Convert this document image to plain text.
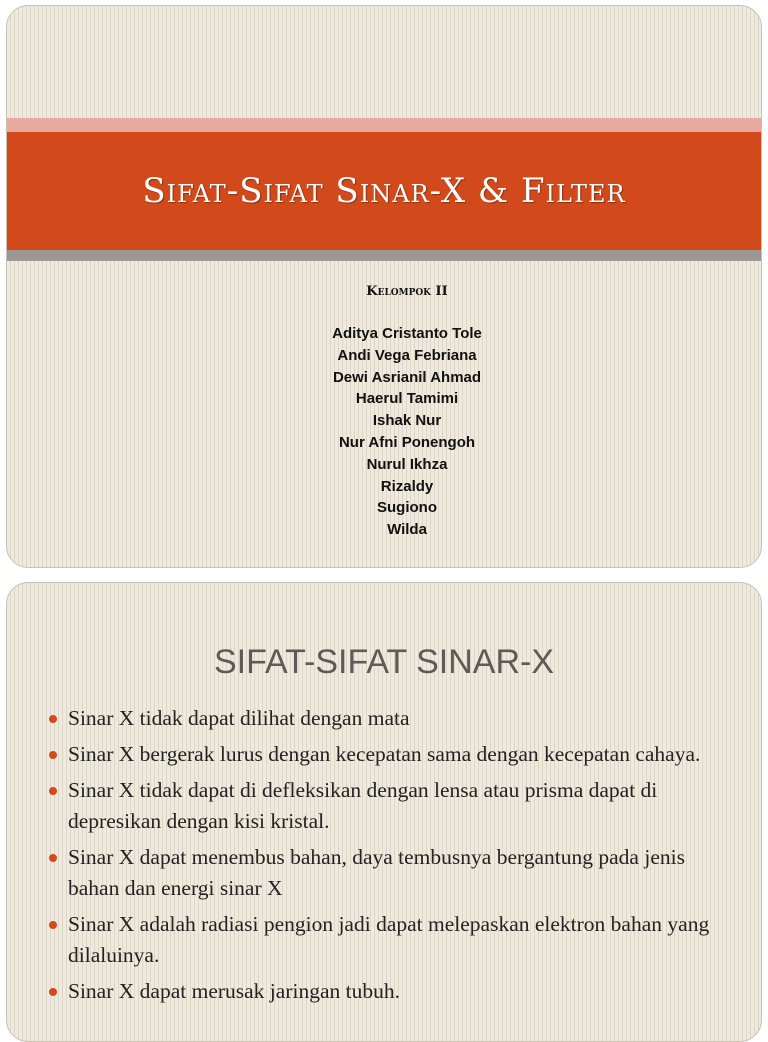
Sifat-Sifat Sinar-X & Filter
Kelompok II
Aditya Cristanto Tole
Andi Vega Febriana
Dewi Asrianil Ahmad
Haerul Tamimi
Ishak Nur
Nur Afni Ponengoh
Nurul Ikhza
Rizaldy
Sugiono
Wilda
SIFAT-SIFAT SINAR-X
Sinar X tidak dapat dilihat dengan mata
Sinar X bergerak lurus dengan kecepatan sama dengan kecepatan cahaya.
Sinar X tidak dapat di defleksikan dengan lensa atau prisma dapat di depresikan dengan kisi kristal.
Sinar X dapat menembus bahan, daya tembusnya bergantung pada jenis bahan dan energi sinar X
Sinar X adalah radiasi pengion jadi dapat melepaskan elektron bahan yang dilaluinya.
Sinar X dapat merusak jaringan tubuh.
